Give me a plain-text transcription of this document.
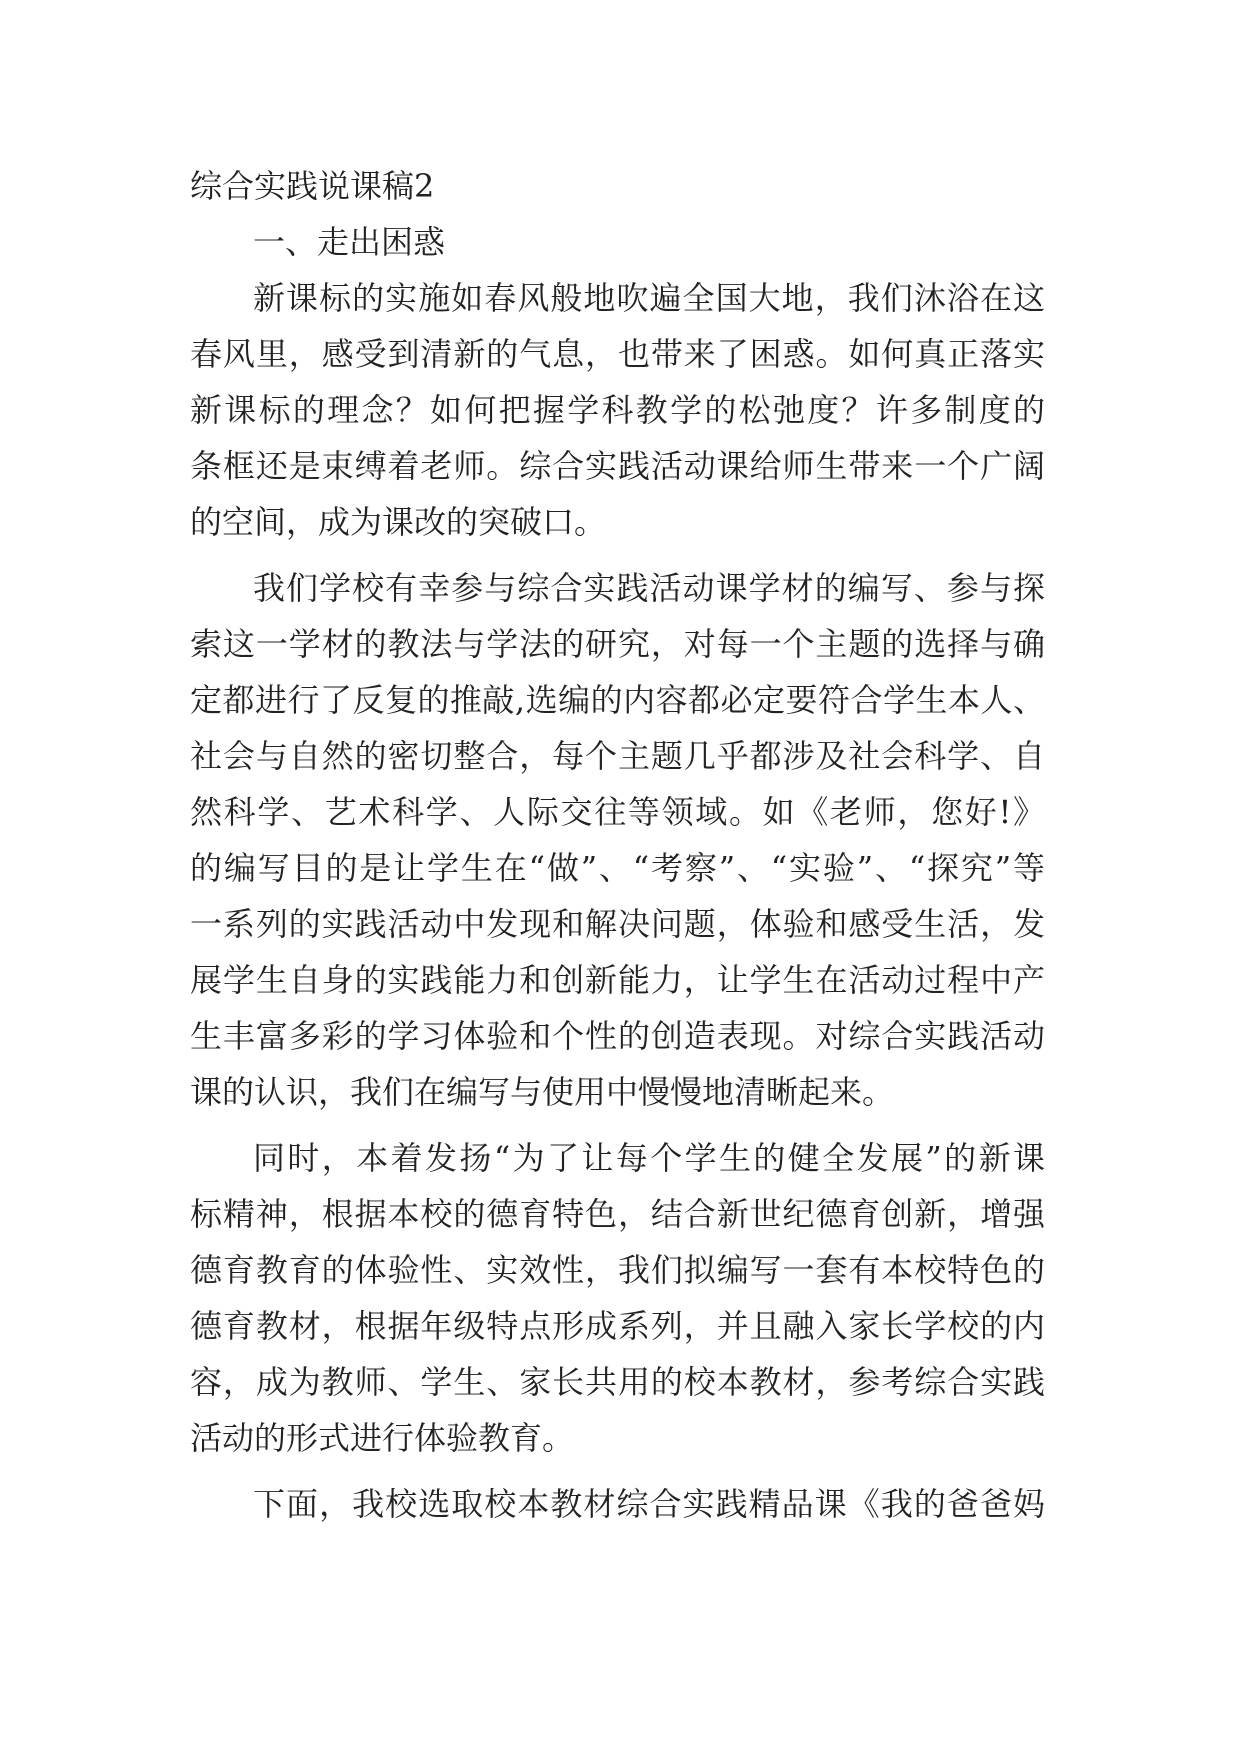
综合实践说课稿2
一、走出困惑
新课标的实施如春风般地吹遍全国大地，我们沐浴在这
春风里，感受到清新的气息，也带来了困惑。如何真正落实
新课标的理念？如何把握学科教学的松弛度？许多制度的
条框还是束缚着老师。综合实践活动课给师生带来一个广阔
的空间，成为课改的突破口。
我们学校有幸参与综合实践活动课学材的编写、参与探
索这一学材的教法与学法的研究，对每一个主题的选择与确
定都进行了反复的推敲,选编的内容都必定要符合学生本人、
社会与自然的密切整合，每个主题几乎都涉及社会科学、自
然科学、艺术科学、人际交往等领域。如《老师，您好!》
的编写目的是让学生在“做”、“考察”、“实验”、“探究”等
一系列的实践活动中发现和解决问题，体验和感受生活，发
展学生自身的实践能力和创新能力，让学生在活动过程中产
生丰富多彩的学习体验和个性的创造表现。对综合实践活动
课的认识，我们在编写与使用中慢慢地清晰起来。
同时，本着发扬“为了让每个学生的健全发展”的新课
标精神，根据本校的德育特色，结合新世纪德育创新，增强
德育教育的体验性、实效性，我们拟编写一套有本校特色的
德育教材，根据年级特点形成系列，并且融入家长学校的内
容，成为教师、学生、家长共用的校本教材，参考综合实践
活动的形式进行体验教育。
下面，我校选取校本教材综合实践精品课《我的爸爸妈
